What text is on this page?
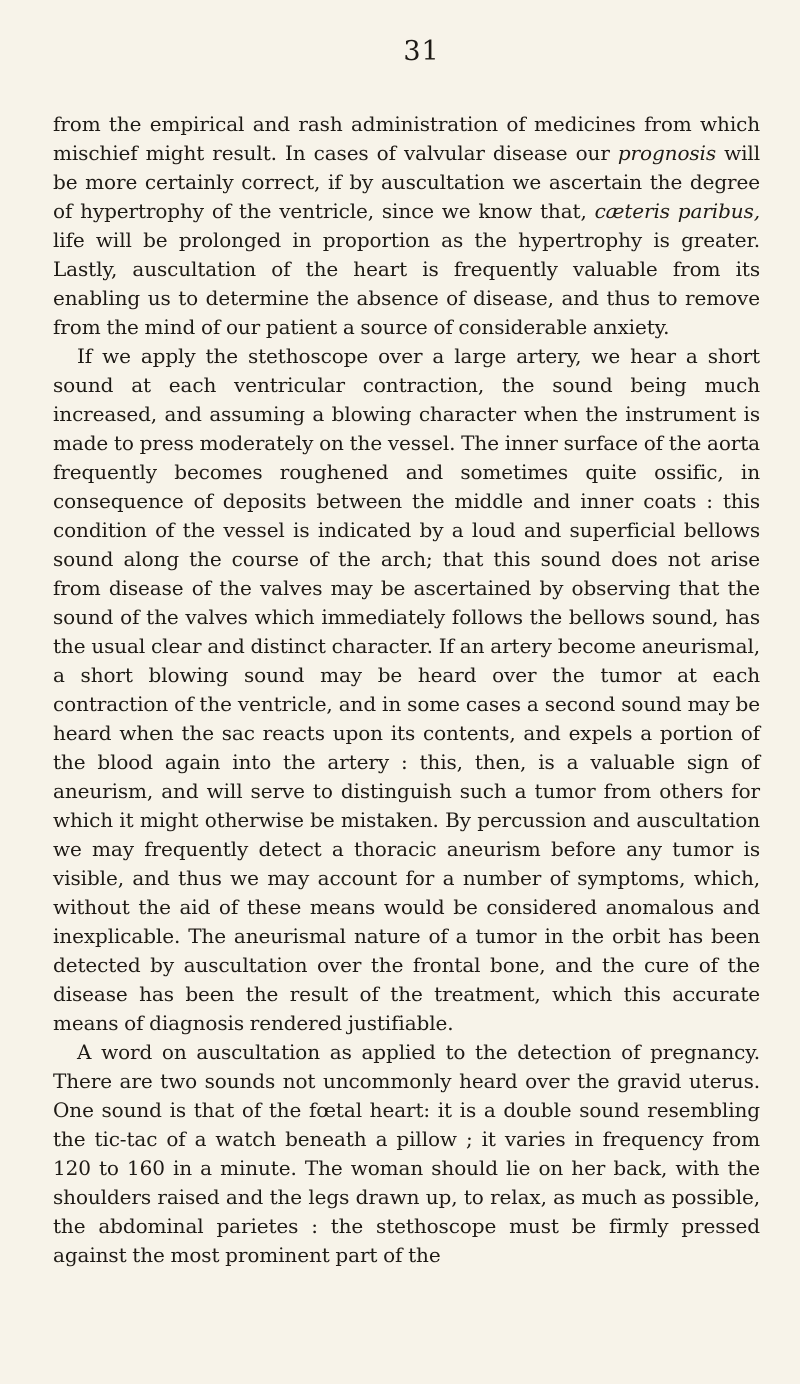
31

from the empirical and rash administration of medicines from which mischief might result. In cases of valvular disease our prognosis will be more certainly correct, if by auscultation we ascertain the degree of hypertrophy of the ventricle, since we know that, cæteris paribus, life will be prolonged in proportion as the hypertrophy is greater. Lastly, auscultation of the heart is frequently valuable from its enabling us to determine the absence of disease, and thus to remove from the mind of our patient a source of considerable anxiety.

If we apply the stethoscope over a large artery, we hear a short sound at each ventricular contraction, the sound being much increased, and assuming a blowing character when the instrument is made to press moderately on the vessel. The inner surface of the aorta frequently becomes roughened and sometimes quite ossific, in consequence of deposits between the middle and inner coats : this condition of the vessel is indicated by a loud and superficial bellows sound along the course of the arch; that this sound does not arise from disease of the valves may be ascertained by observing that the sound of the valves which immediately follows the bellows sound, has the usual clear and distinct character. If an artery become aneurismal, a short blowing sound may be heard over the tumor at each contraction of the ventricle, and in some cases a second sound may be heard when the sac reacts upon its contents, and expels a portion of the blood again into the artery : this, then, is a valuable sign of aneurism, and will serve to distinguish such a tumor from others for which it might otherwise be mistaken. By percussion and auscultation we may frequently detect a thoracic aneurism before any tumor is visible, and thus we may account for a number of symptoms, which, without the aid of these means would be considered anomalous and inexplicable. The aneurismal nature of a tumor in the orbit has been detected by auscultation over the frontal bone, and the cure of the disease has been the result of the treatment, which this accurate means of diagnosis rendered justifiable.

A word on auscultation as applied to the detection of pregnancy. There are two sounds not uncommonly heard over the gravid uterus. One sound is that of the fœtal heart: it is a double sound resembling the tic-tac of a watch beneath a pillow ; it varies in frequency from 120 to 160 in a minute. The woman should lie on her back, with the shoulders raised and the legs drawn up, to relax, as much as possible, the abdominal parietes : the stethoscope must be firmly pressed against the most prominent part of the
